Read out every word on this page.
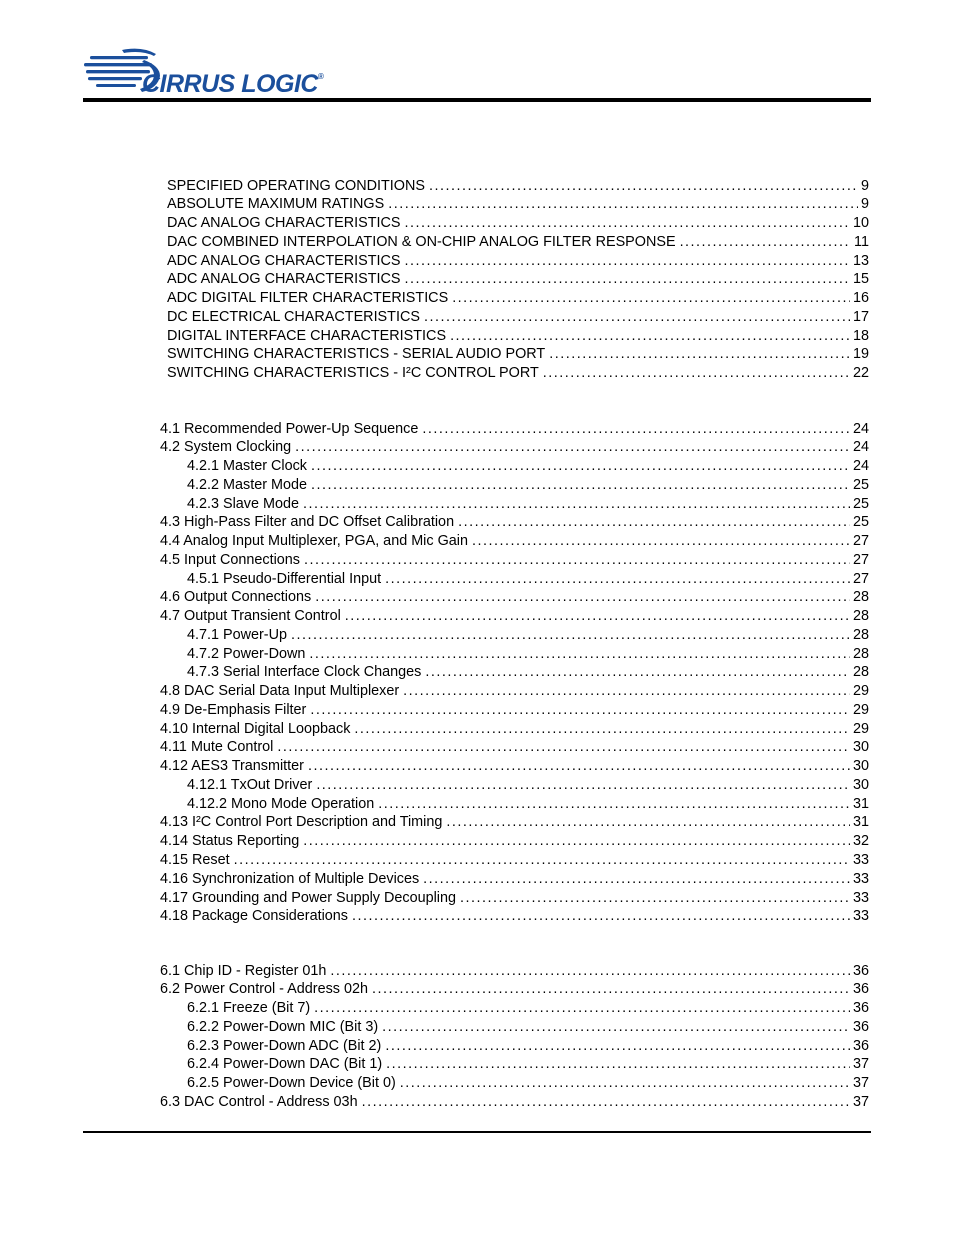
CIRRUS LOGIC®
SPECIFIED OPERATING CONDITIONS .....	9
ABSOLUTE MAXIMUM RATINGS .....	9
DAC ANALOG CHARACTERISTICS .....	10
DAC COMBINED INTERPOLATION & ON-CHIP ANALOG FILTER RESPONSE .....	11
ADC ANALOG CHARACTERISTICS .....	13
ADC ANALOG CHARACTERISTICS .....	15
ADC DIGITAL FILTER CHARACTERISTICS .....	16
DC ELECTRICAL CHARACTERISTICS .....	17
DIGITAL INTERFACE CHARACTERISTICS .....	18
SWITCHING CHARACTERISTICS - SERIAL AUDIO PORT .....	19
SWITCHING CHARACTERISTICS - I²C CONTROL PORT .....	22
4.1 Recommended Power-Up Sequence .....	24
4.2 System Clocking .....	24
4.2.1 Master Clock .....	24
4.2.2 Master Mode .....	25
4.2.3 Slave Mode .....	25
4.3 High-Pass Filter and DC Offset Calibration .....	25
4.4 Analog Input Multiplexer, PGA, and Mic Gain .....	27
4.5 Input Connections .....	27
4.5.1 Pseudo-Differential Input .....	27
4.6 Output Connections .....	28
4.7 Output Transient Control .....	28
4.7.1 Power-Up .....	28
4.7.2 Power-Down .....	28
4.7.3 Serial Interface Clock Changes .....	28
4.8 DAC Serial Data Input Multiplexer .....	29
4.9 De-Emphasis Filter .....	29
4.10 Internal Digital Loopback .....	29
4.11 Mute Control .....	30
4.12 AES3 Transmitter .....	30
4.12.1 TxOut Driver .....	30
4.12.2 Mono Mode Operation .....	31
4.13 I²C Control Port Description and Timing .....	31
4.14 Status Reporting .....	32
4.15 Reset .....	33
4.16 Synchronization of Multiple Devices .....	33
4.17 Grounding and Power Supply Decoupling .....	33
4.18 Package Considerations .....	33
6.1 Chip ID - Register 01h .....	36
6.2 Power Control - Address 02h .....	36
6.2.1 Freeze (Bit 7) .....	36
6.2.2 Power-Down MIC (Bit 3) .....	36
6.2.3 Power-Down ADC (Bit 2) .....	36
6.2.4 Power-Down DAC (Bit 1) .....	37
6.2.5 Power-Down Device (Bit 0) .....	37
6.3 DAC Control - Address 03h .....	37
